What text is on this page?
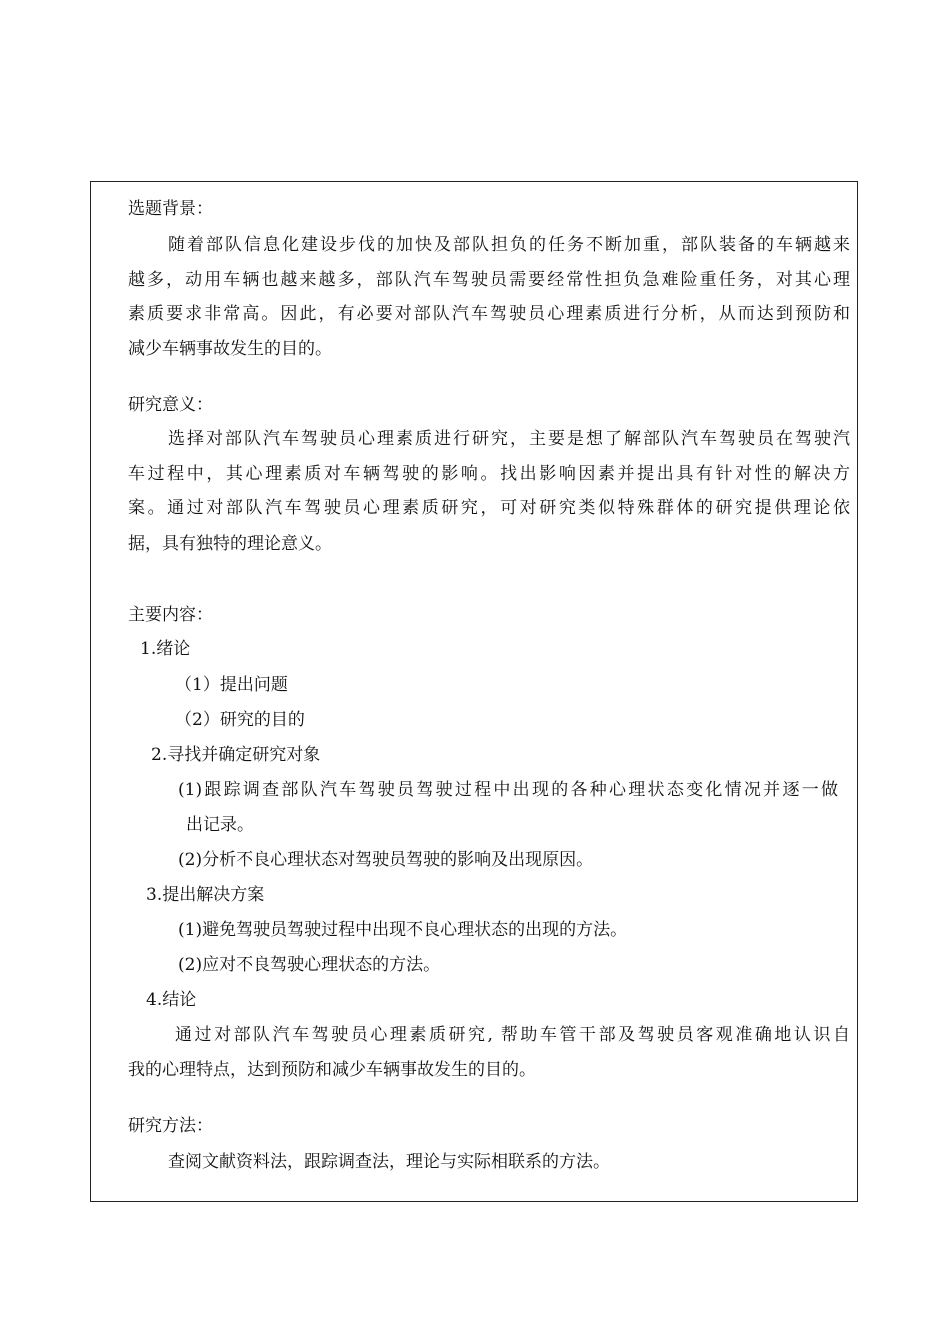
选题背景：
随着部队信息化建设步伐的加快及部队担负的任务不断加重，部队装备的车辆越来
越多，动用车辆也越来越多，部队汽车驾驶员需要经常性担负急难险重任务，对其心理
素质要求非常高。因此，有必要对部队汽车驾驶员心理素质进行分析，从而达到预防和
减少车辆事故发生的目的。
研究意义：
选择对部队汽车驾驶员心理素质进行研究，主要是想了解部队汽车驾驶员在驾驶汽
车过程中，其心理素质对车辆驾驶的影响。找出影响因素并提出具有针对性的解决方
案。通过对部队汽车驾驶员心理素质研究，可对研究类似特殊群体的研究提供理论依
据，具有独特的理论意义。
主要内容：
1.绪论
（1）提出问题
（2）研究的目的
2.寻找并确定研究对象
(1)跟踪调查部队汽车驾驶员驾驶过程中出现的各种心理状态变化情况并逐一做
出记录。
(2)分析不良心理状态对驾驶员驾驶的影响及出现原因。
3.提出解决方案
(1)避免驾驶员驾驶过程中出现不良心理状态的出现的方法。
(2)应对不良驾驶心理状态的方法。
4.结论
通过对部队汽车驾驶员心理素质研究, 帮助车管干部及驾驶员客观准确地认识自
我的心理特点，达到预防和减少车辆事故发生的目的。
研究方法：
查阅文献资料法，跟踪调查法，理论与实际相联系的方法。
